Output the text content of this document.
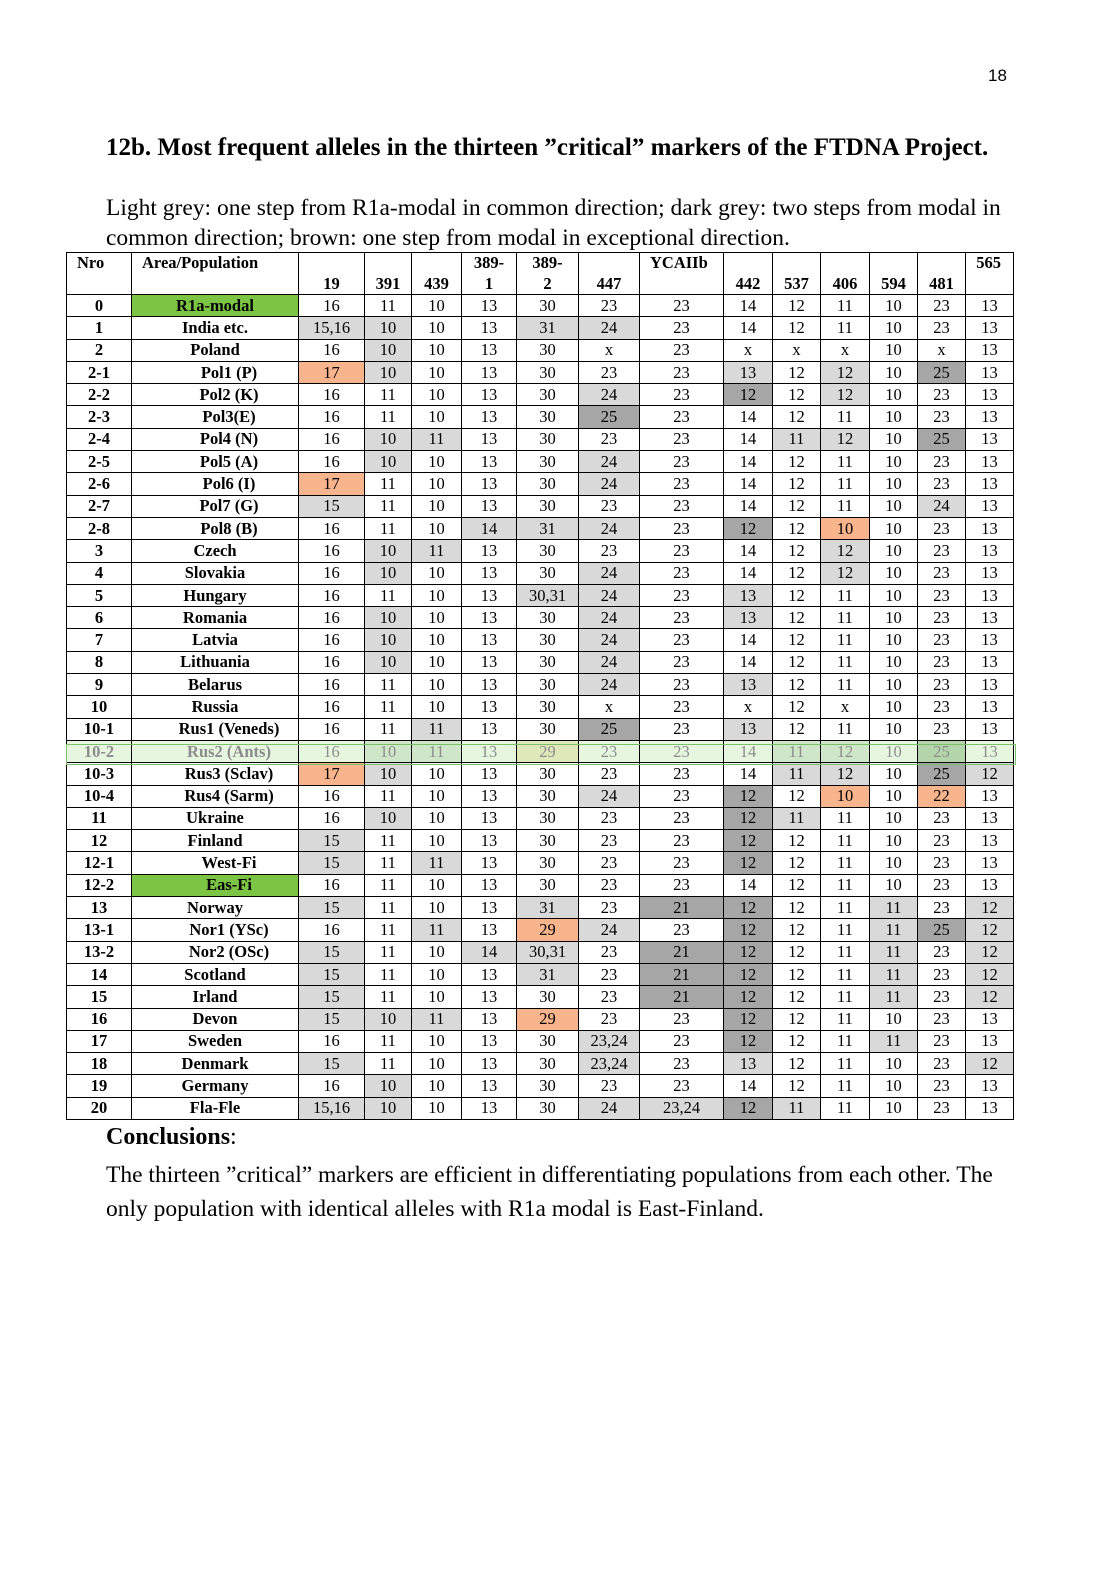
18
12b. Most frequent alleles in the thirteen ”critical” markers of the FTDNA Project.
Light grey: one step from R1a-modal in common direction; dark grey: two steps from modal in common direction; brown: one step from modal in exceptional direction.
Nro	Area/Population				389-	389-		YCAIIb						565
		19	391	439	1	2	447		442	537	406	594	481	
0	R1a-modal	16	11	10	13	30	23	23	14	12	11	10	23	13
1	India etc.	15,16	10	10	13	31	24	23	14	12	11	10	23	13
2	Poland	16	10	10	13	30	x	23	x	x	x	10	x	13
2-1	Pol1 (P)	17	10	10	13	30	23	23	13	12	12	10	25	13
2-2	Pol2 (K)	16	11	10	13	30	24	23	12	12	12	10	23	13
2-3	Pol3(E)	16	11	10	13	30	25	23	14	12	11	10	23	13
2-4	Pol4 (N)	16	10	11	13	30	23	23	14	11	12	10	25	13
2-5	Pol5 (A)	16	10	10	13	30	24	23	14	12	11	10	23	13
2-6	Pol6 (I)	17	11	10	13	30	24	23	14	12	11	10	23	13
2-7	Pol7 (G)	15	11	10	13	30	23	23	14	12	11	10	24	13
2-8	Pol8 (B)	16	11	10	14	31	24	23	12	12	10	10	23	13
3	Czech	16	10	11	13	30	23	23	14	12	12	10	23	13
4	Slovakia	16	10	10	13	30	24	23	14	12	12	10	23	13
5	Hungary	16	11	10	13	30,31	24	23	13	12	11	10	23	13
6	Romania	16	10	10	13	30	24	23	13	12	11	10	23	13
7	Latvia	16	10	10	13	30	24	23	14	12	11	10	23	13
8	Lithuania	16	10	10	13	30	24	23	14	12	11	10	23	13
9	Belarus	16	11	10	13	30	24	23	13	12	11	10	23	13
10	Russia	16	11	10	13	30	x	23	x	12	x	10	23	13
10-1	Rus1 (Veneds)	16	11	11	13	30	25	23	13	12	11	10	23	13
10-2	Rus2 (Ants)	16	10	11	13	29	23	23	14	11	12	10	25	13
10-3	Rus3 (Sclav)	17	10	10	13	30	23	23	14	11	12	10	25	12
10-4	Rus4 (Sarm)	16	11	10	13	30	24	23	12	12	10	10	22	13
11	Ukraine	16	10	10	13	30	23	23	12	11	11	10	23	13
12	Finland	15	11	10	13	30	23	23	12	12	11	10	23	13
12-1	West-Fi	15	11	11	13	30	23	23	12	12	11	10	23	13
12-2	Eas-Fi	16	11	10	13	30	23	23	14	12	11	10	23	13
13	Norway	15	11	10	13	31	23	21	12	12	11	11	23	12
13-1	Nor1 (YSc)	16	11	11	13	29	24	23	12	12	11	11	25	12
13-2	Nor2 (OSc)	15	11	10	14	30,31	23	21	12	12	11	11	23	12
14	Scotland	15	11	10	13	31	23	21	12	12	11	11	23	12
15	Irland	15	11	10	13	30	23	21	12	12	11	11	23	12
16	Devon	15	10	11	13	29	23	23	12	12	11	10	23	13
17	Sweden	16	11	10	13	30	23,24	23	12	12	11	11	23	13
18	Denmark	15	11	10	13	30	23,24	23	13	12	11	10	23	12
19	Germany	16	10	10	13	30	23	23	14	12	11	10	23	13
20	Fla-Fle	15,16	10	10	13	30	24	23,24	12	11	11	10	23	13
Conclusions:
The thirteen ”critical” markers are efficient in differentiating populations from each other. The only population with identical alleles with R1a modal is East-Finland.
